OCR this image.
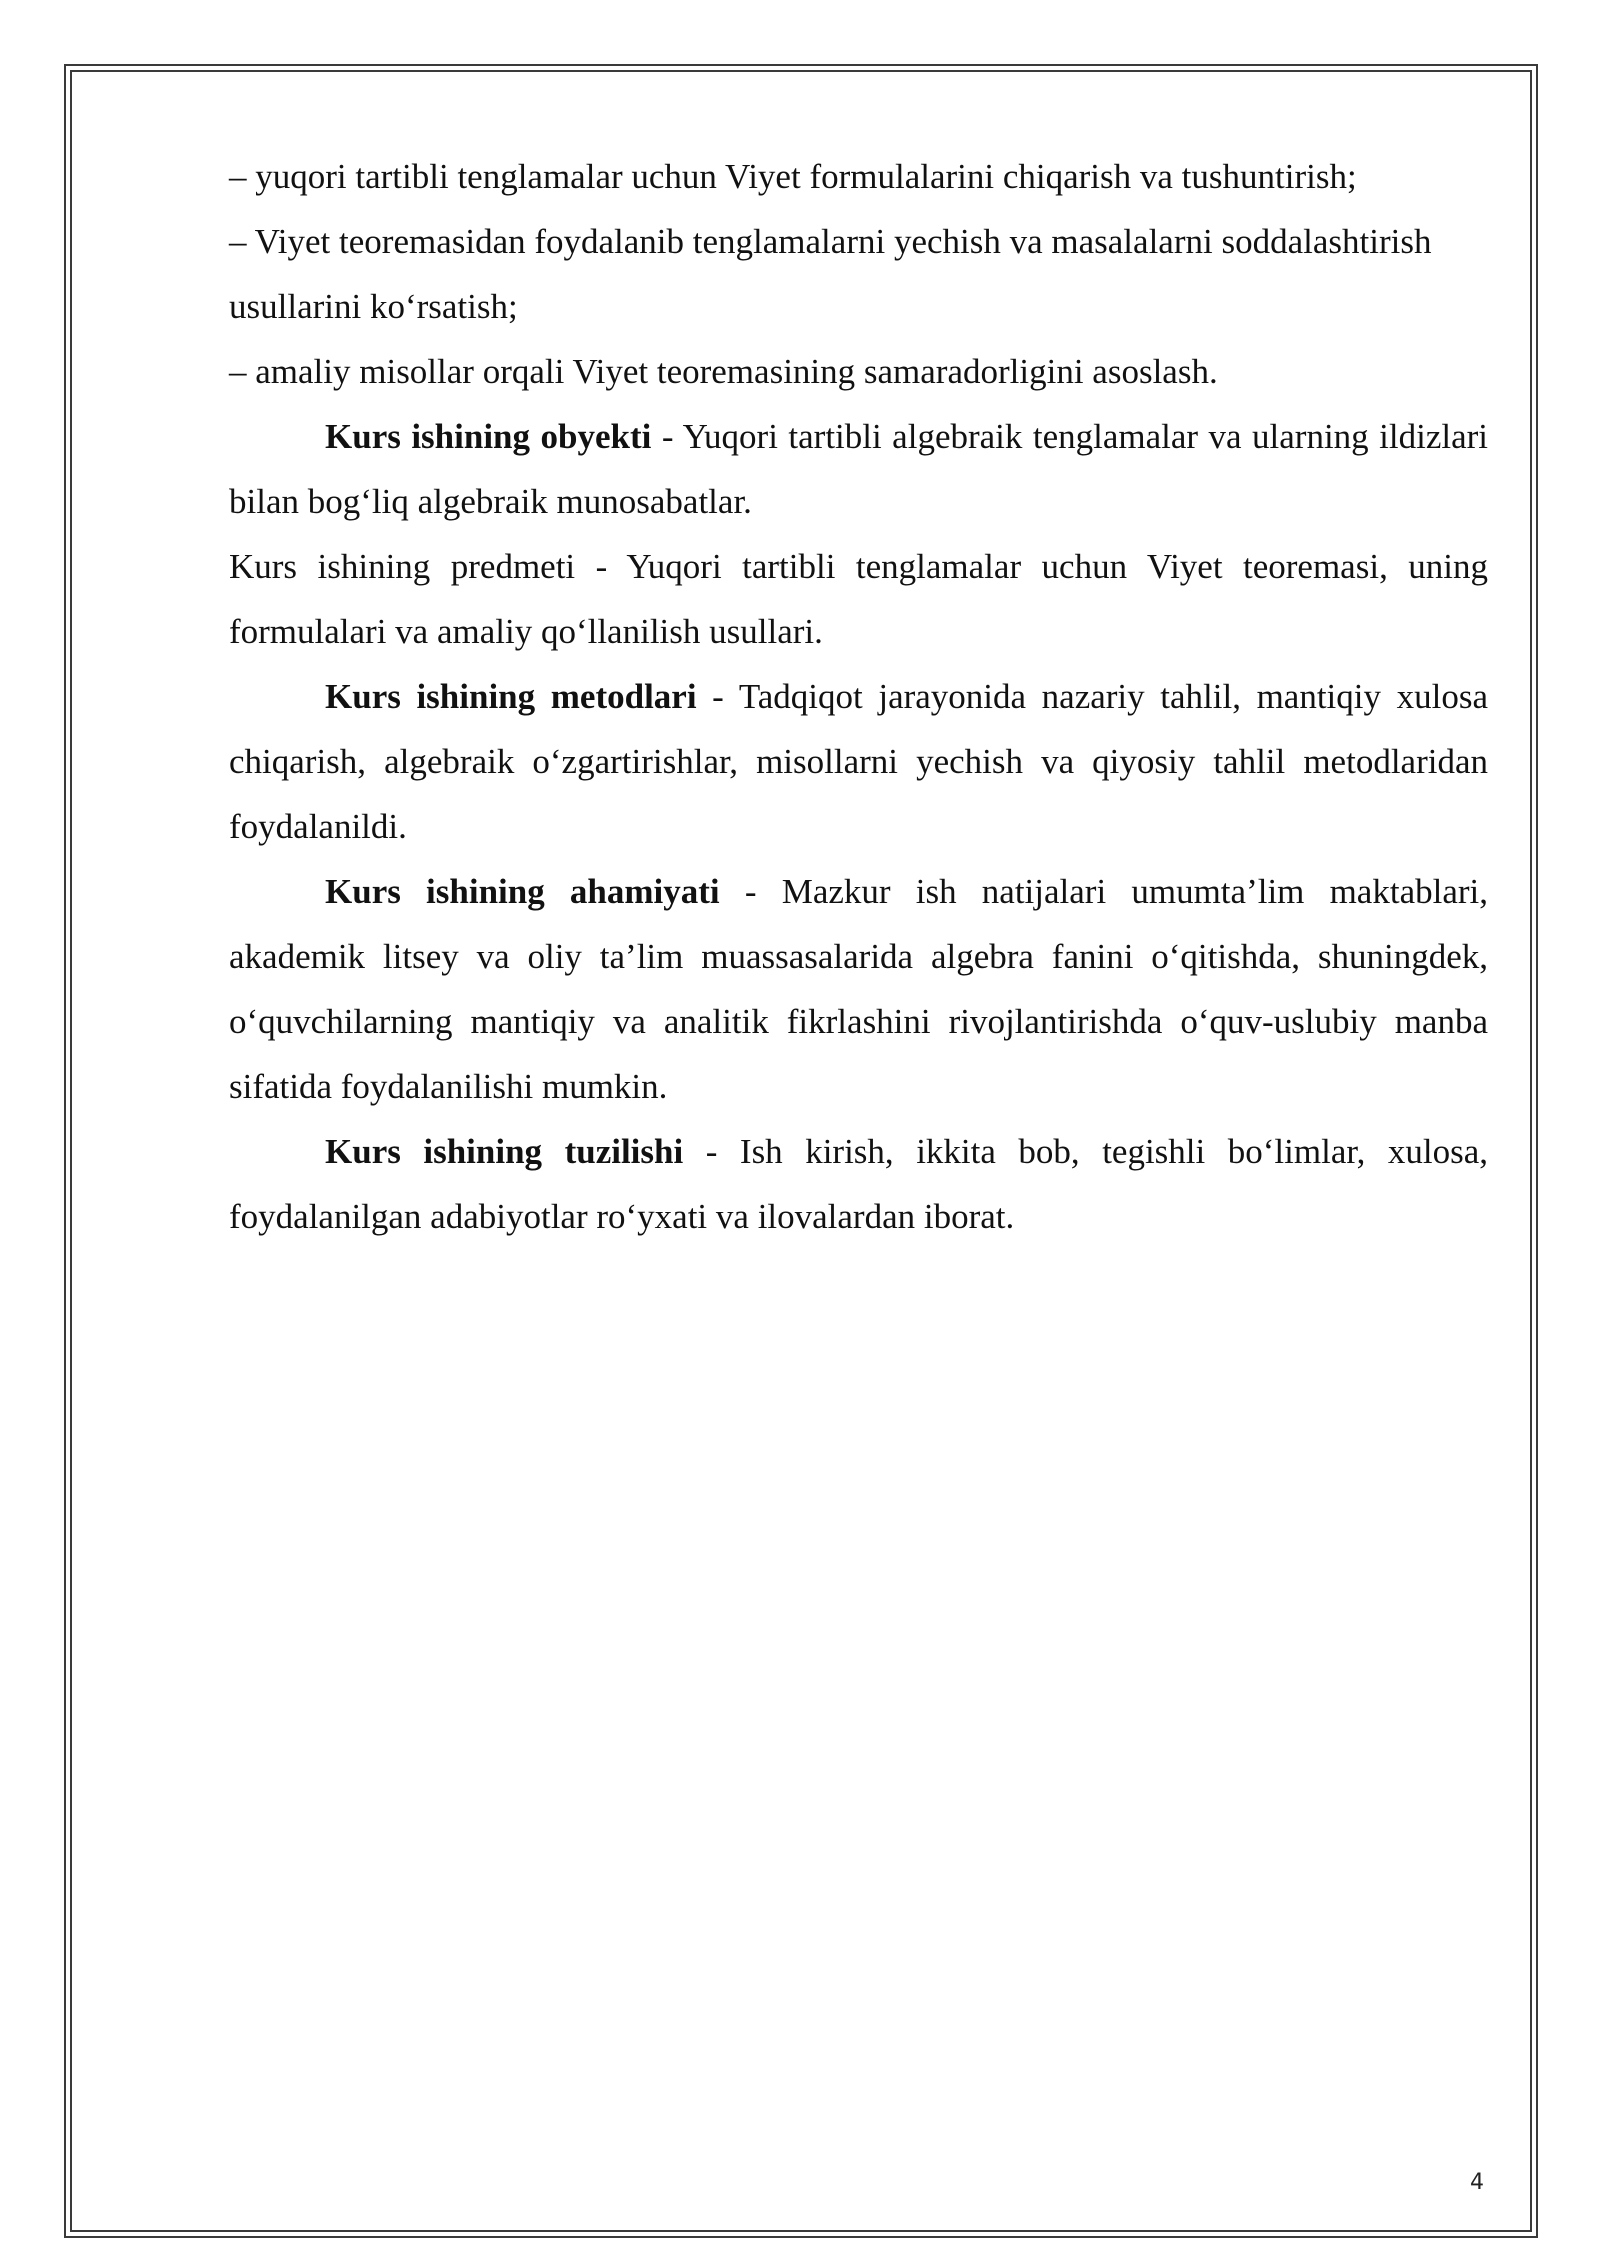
– yuqori tartibli tenglamalar uchun Viyet formulalarini chiqarish va tushuntirish;

– Viyet teoremasidan foydalanib tenglamalarni yechish va masalalarni soddalashtirish usullarini ko‘rsatish;

– amaliy misollar orqali Viyet teoremasining samaradorligini asoslash.

Kurs ishining obyekti - Yuqori tartibli algebraik tenglamalar va ularning ildizlari bilan bog‘liq algebraik munosabatlar.

Kurs ishining predmeti - Yuqori tartibli tenglamalar uchun Viyet teoremasi, uning formulalari va amaliy qo‘llanilish usullari.

Kurs ishining metodlari - Tadqiqot jarayonida nazariy tahlil, mantiqiy xulosa chiqarish, algebraik o‘zgartirishlar, misollarni yechish va qiyosiy tahlil metodlaridan foydalanildi.

Kurs ishining ahamiyati - Mazkur ish natijalari umumta’lim maktablari, akademik litsey va oliy ta’lim muassasalarida algebra fanini o‘qitishda, shuningdek, o‘quvchilarning mantiqiy va analitik fikrlashini rivojlantirishda o‘quv-uslubiy manba sifatida foydalanilishi mumkin.

Kurs ishining tuzilishi - Ish kirish, ikkita bob, tegishli bo‘limlar, xulosa, foydalanilgan adabiyotlar ro‘yxati va ilovalardan iborat.

4
